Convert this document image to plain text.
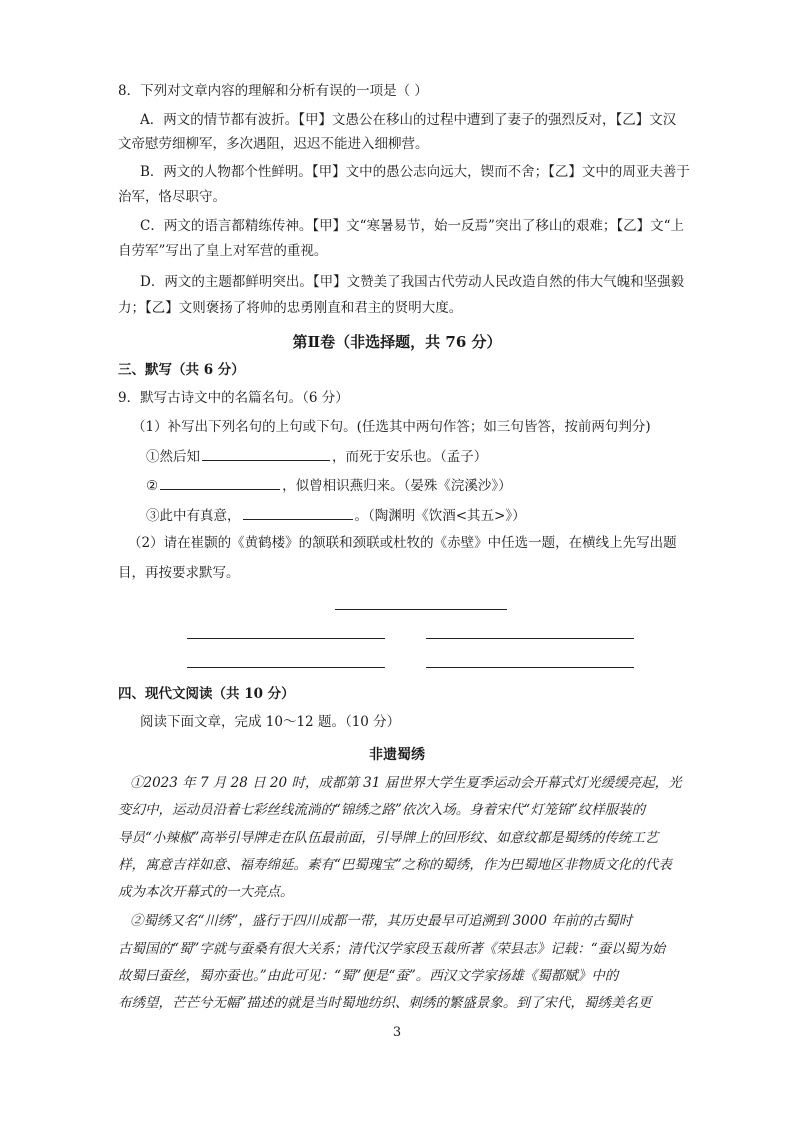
8．下列对文章内容的理解和分析有误的一项是（ ）
A．两文的情节都有波折。【甲】文愚公在移山的过程中遭到了妻子的强烈反对，【乙】文汉
文帝慰劳细柳军，多次遇阻，迟迟不能进入细柳营。
B．两文的人物都个性鲜明。【甲】文中的愚公志向远大，锲而不舍；【乙】文中的周亚夫善于
治军，恪尽职守。
C．两文的语言都精练传神。【甲】文“寒暑易节，始一反焉”突出了移山的艰难；【乙】文“上
自劳军”写出了皇上对军营的重视。
D．两文的主题都鲜明突出。【甲】文赞美了我国古代劳动人民改造自然的伟大气魄和坚强毅
力；【乙】文则褒扬了将帅的忠勇刚直和君主的贤明大度。
第Ⅱ卷（非选择题，共 76 分）
三、默写（共 6 分）
9．默写古诗文中的名篇名句。（6 分）
（1）补写出下列名句的上句或下句。(任选其中两句作答；如三句皆答，按前两句判分)
①然后知	，而死于安乐也。（孟子）
②	，似曾相识燕归来。（晏殊《浣溪沙》）
③此中有真意，	。（陶渊明《饮酒<其五>》）
（2）请在崔颢的《黄鹤楼》的颔联和颈联或杜牧的《赤壁》中任选一题，在横线上先写出题
目，再按要求默写。
四、现代文阅读（共 10 分）
阅读下面文章，完成 10～12 题。（10 分）
非遗蜀绣
①2023 年 7 月 28 日 20 时，成都第 31 届世界大学生夏季运动会开幕式灯光缓缓亮起，光
变幻中，运动员沿着七彩丝线流淌的“锦绣之路”依次入场。身着宋代“灯笼锦”纹样服装的
导员“小辣椒”高举引导牌走在队伍最前面，引导牌上的回形纹、如意纹都是蜀绣的传统工艺
样，寓意吉祥如意、福寿绵延。素有“巴蜀瑰宝”之称的蜀绣，作为巴蜀地区非物质文化的代表
成为本次开幕式的一大亮点。
②蜀绣又名“川绣”，盛行于四川成都一带，其历史最早可追溯到 3000 年前的古蜀时
古蜀国的“蜀”字就与蚕桑有很大关系；清代汉学家段玉裁所著《荣县志》记载：“蚕以蜀为始
故蜀曰蚕丝，蜀亦蚕也。”由此可见：“蜀”便是“蚕”。西汉文学家扬雄《蜀都赋》中的
布绣望，芒芒兮无幅”描述的就是当时蜀地纺织、刺绣的繁盛景象。到了宋代，蜀绣美名更
3
